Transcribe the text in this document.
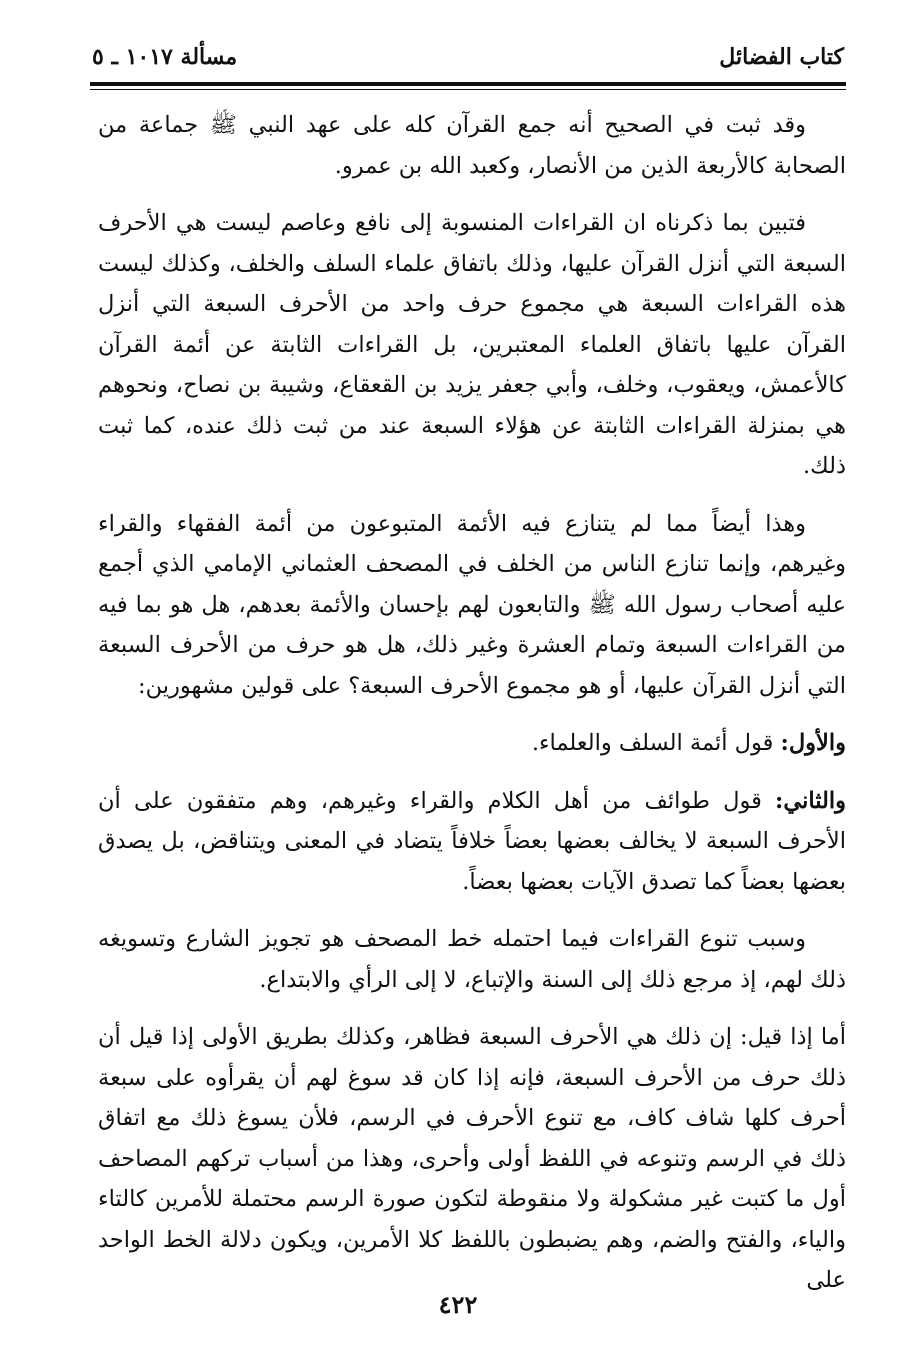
كتاب الفضائل
مسألة ١٠١٧ ـ ٥

وقد ثبت في الصحيح أنه جمع القرآن كله على عهد النبي ﷺ جماعة من الصحابة كالأربعة الذين من الأنصار، وكعبد الله بن عمرو.

فتبين بما ذكرناه ان القراءات المنسوبة إلى نافع وعاصم ليست هي الأحرف السبعة التي أنزل القرآن عليها، وذلك باتفاق علماء السلف والخلف، وكذلك ليست هذه القراءات السبعة هي مجموع حرف واحد من الأحرف السبعة التي أنزل القرآن عليها باتفاق العلماء المعتبرين، بل القراءات الثابتة عن أئمة القرآن كالأعمش، ويعقوب، وخلف، وأبي جعفر يزيد بن القعقاع، وشيبة بن نصاح، ونحوهم هي بمنزلة القراءات الثابتة عن هؤلاء السبعة عند من ثبت ذلك عنده، كما ثبت ذلك.

وهذا أيضاً مما لم يتنازع فيه الأئمة المتبوعون من أئمة الفقهاء والقراء وغيرهم، وإنما تنازع الناس من الخلف في المصحف العثماني الإمامي الذي أجمع عليه أصحاب رسول الله ﷺ والتابعون لهم بإحسان والأئمة بعدهم، هل هو بما فيه من القراءات السبعة وتمام العشرة وغير ذلك، هل هو حرف من الأحرف السبعة التي أنزل القرآن عليها، أو هو مجموع الأحرف السبعة؟ على قولين مشهورين:

والأول: قول أئمة السلف والعلماء.

والثاني: قول طوائف من أهل الكلام والقراء وغيرهم، وهم متفقون على أن الأحرف السبعة لا يخالف بعضها بعضاً خلافاً يتضاد في المعنى ويتناقض، بل يصدق بعضها بعضاً كما تصدق الآيات بعضها بعضاً.

وسبب تنوع القراءات فيما احتمله خط المصحف هو تجويز الشارع وتسويغه ذلك لهم، إذ مرجع ذلك إلى السنة والإتباع، لا إلى الرأي والابتداع.

أما إذا قيل: إن ذلك هي الأحرف السبعة فظاهر، وكذلك بطريق الأولى إذا قيل أن ذلك حرف من الأحرف السبعة، فإنه إذا كان قد سوغ لهم أن يقرأوه على سبعة أحرف كلها شاف كاف، مع تنوع الأحرف في الرسم، فلأن يسوغ ذلك مع اتفاق ذلك في الرسم وتنوعه في اللفظ أولى وأحرى، وهذا من أسباب تركهم المصاحف أول ما كتبت غير مشكولة ولا منقوطة لتكون صورة الرسم محتملة للأمرين كالتاء والياء، والفتح والضم، وهم يضبطون باللفظ كلا الأمرين، ويكون دلالة الخط الواحد على

٤٢٢
